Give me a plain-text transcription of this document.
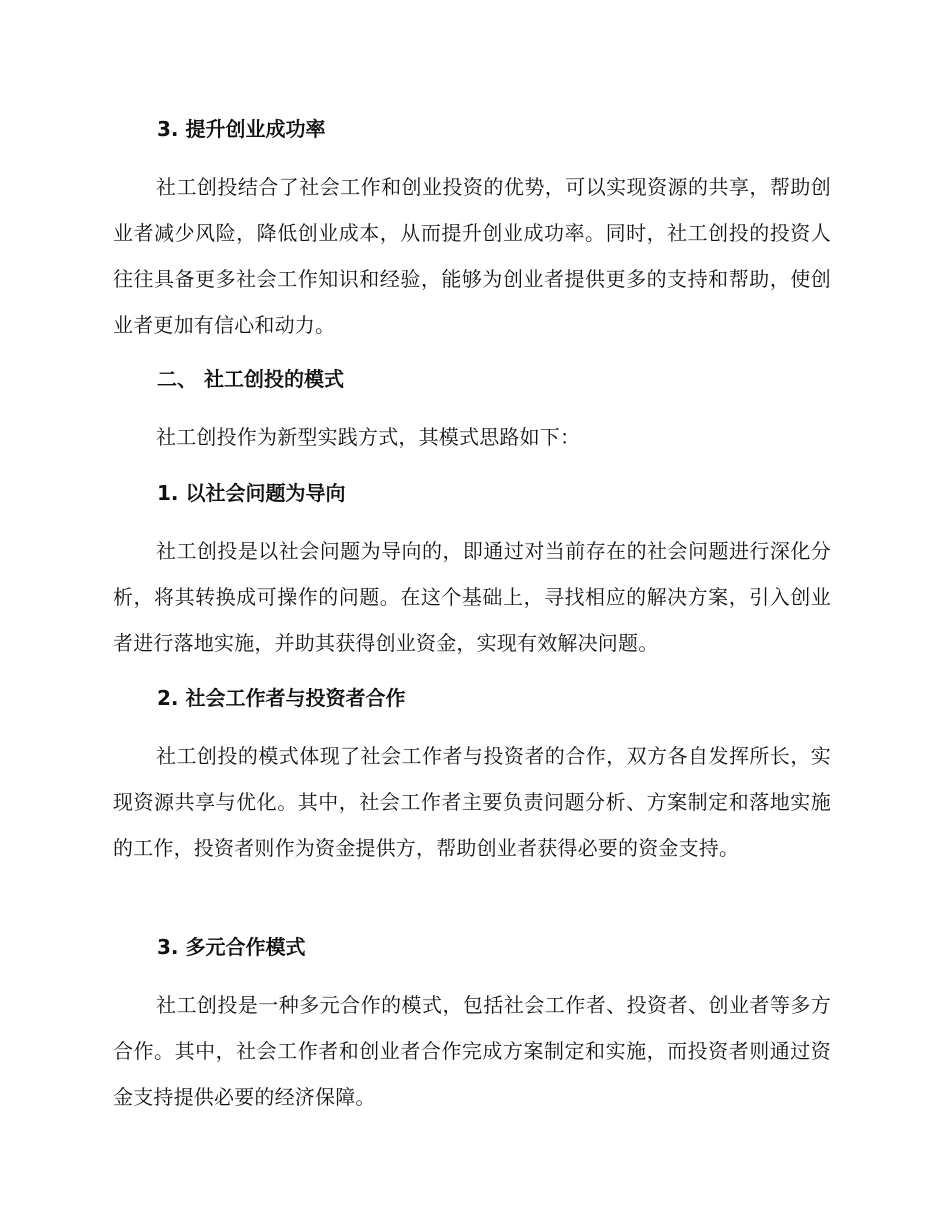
3. 提升创业成功率
社工创投结合了社会工作和创业投资的优势，可以实现资源的共享，帮助创业者减少风险，降低创业成本，从而提升创业成功率。同时，社工创投的投资人往往具备更多社会工作知识和经验，能够为创业者提供更多的支持和帮助，使创业者更加有信心和动力。
二、 社工创投的模式
社工创投作为新型实践方式，其模式思路如下：
1. 以社会问题为导向
社工创投是以社会问题为导向的，即通过对当前存在的社会问题进行深化分析，将其转换成可操作的问题。在这个基础上，寻找相应的解决方案，引入创业者进行落地实施，并助其获得创业资金，实现有效解决问题。
2. 社会工作者与投资者合作
社工创投的模式体现了社会工作者与投资者的合作，双方各自发挥所长，实现资源共享与优化。其中，社会工作者主要负责问题分析、方案制定和落地实施的工作，投资者则作为资金提供方，帮助创业者获得必要的资金支持。
3. 多元合作模式
社工创投是一种多元合作的模式，包括社会工作者、投资者、创业者等多方合作。其中，社会工作者和创业者合作完成方案制定和实施，而投资者则通过资金支持提供必要的经济保障。
